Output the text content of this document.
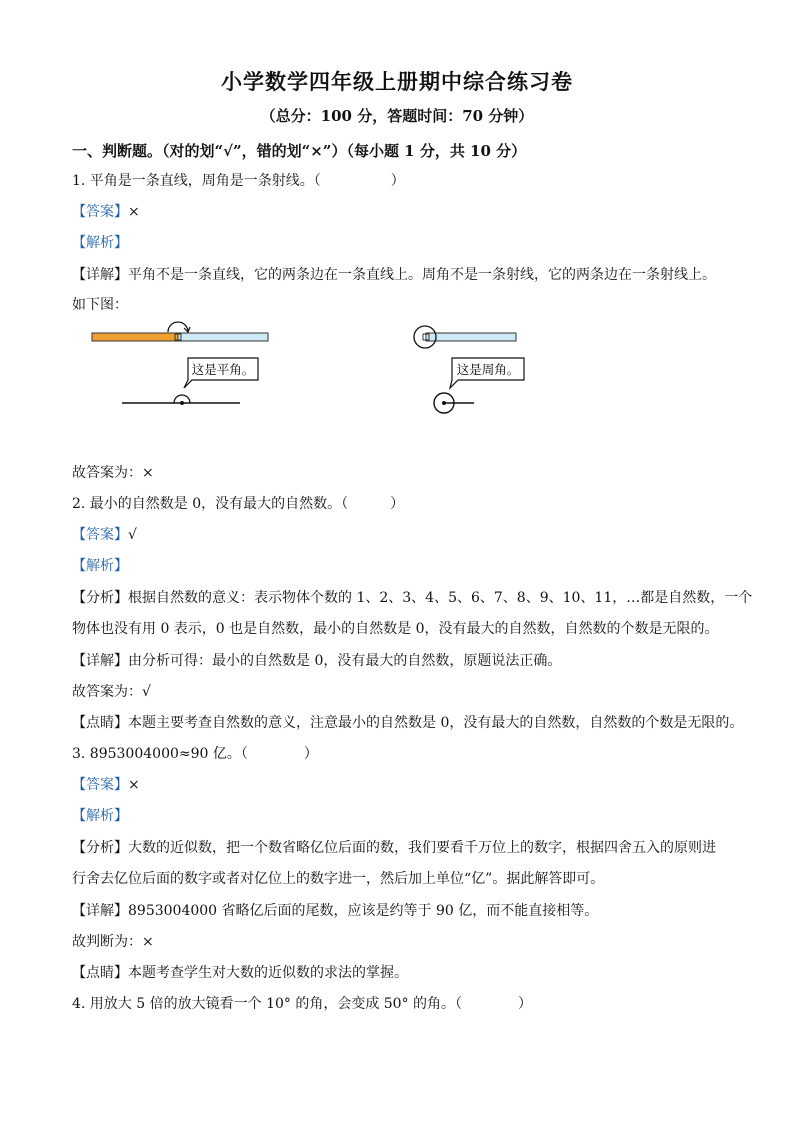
小学数学四年级上册期中综合练习卷
（总分：100 分，答题时间：70 分钟）
一、判断题。（对的划“√”，错的划“×”）（每小题 1 分，共 10 分）
1. 平角是一条直线，周角是一条射线。（　　　　　）
【答案】×
【解析】
【详解】平角不是一条直线，它的两条边在一条直线上。周角不是一条射线，它的两条边在一条射线上。
如下图：
这是平角。	这是周角。
故答案为：×
2. 最小的自然数是 0，没有最大的自然数。（　　　）
【答案】√
【解析】
【分析】根据自然数的意义：表示物体个数的 1、2、3、4、5、6、7、8、9、10、11，…都是自然数，一个
物体也没有用 0 表示，0 也是自然数，最小的自然数是 0，没有最大的自然数，自然数的个数是无限的。
【详解】由分析可得：最小的自然数是 0，没有最大的自然数，原题说法正确。
故答案为：√
【点睛】本题主要考查自然数的意义，注意最小的自然数是 0，没有最大的自然数，自然数的个数是无限的。
3. 8953004000≈90 亿。（　　　　）
【答案】×
【解析】
【分析】大数的近似数，把一个数省略亿位后面的数，我们要看千万位上的数字，根据四舍五入的原则进
行舍去亿位后面的数字或者对亿位上的数字进一，然后加上单位“亿”。据此解答即可。
【详解】8953004000 省略亿后面的尾数，应该是约等于 90 亿，而不能直接相等。
故判断为：×
【点睛】本题考查学生对大数的近似数的求法的掌握。
4. 用放大 5 倍的放大镜看一个 10° 的角，会变成 50° 的角。（　　　　）
